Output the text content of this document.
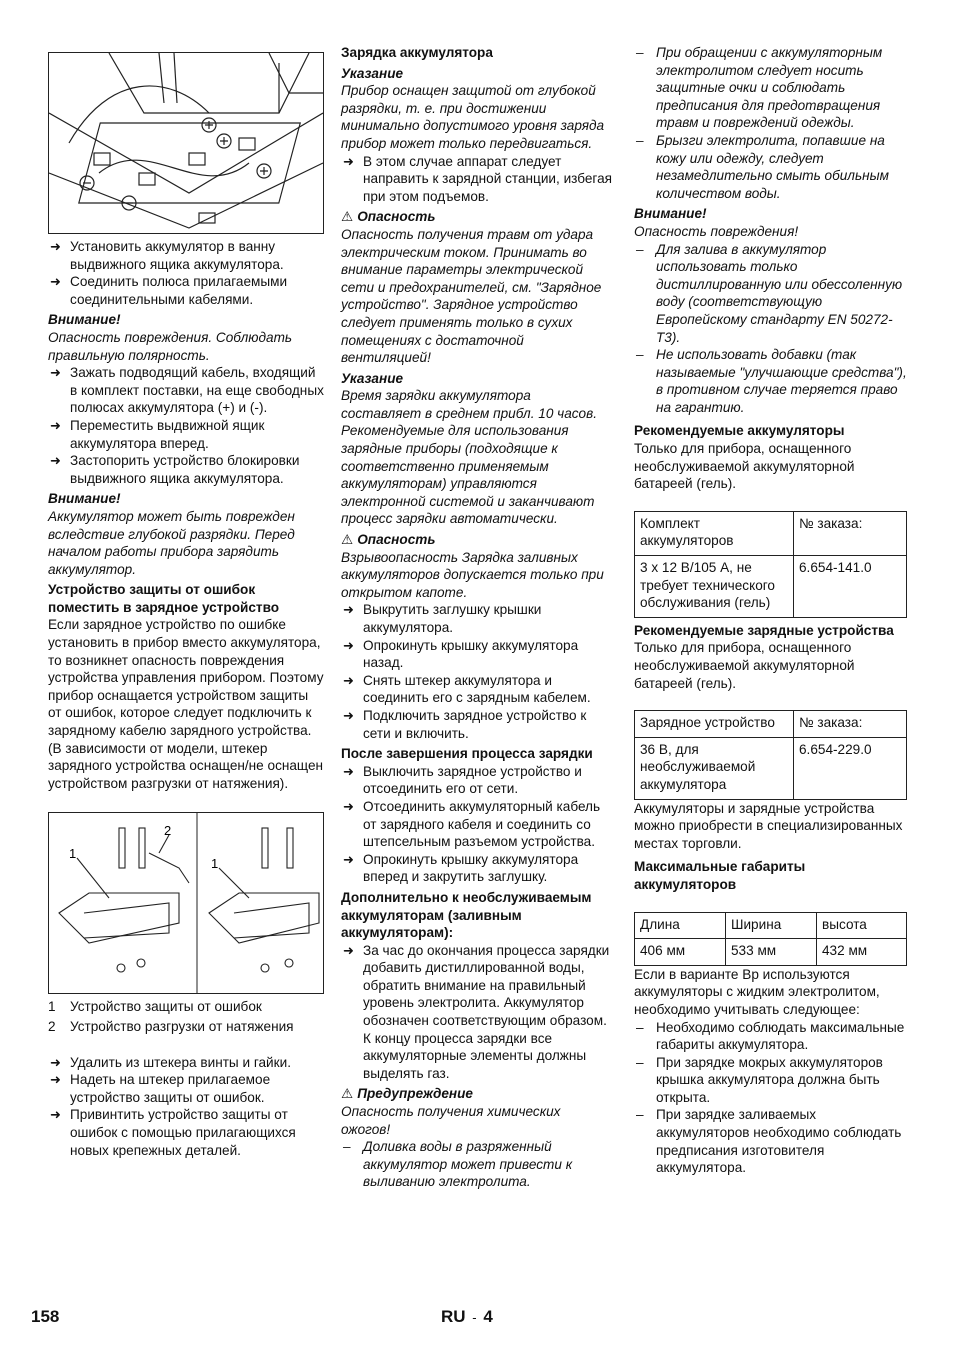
➜ Установить аккумулятор в ванну выдвижного ящика аккумулятора.

➜ Соединить полюса прилагаемыми соединительными кабелями.

Внимание!

Опасность повреждения. Соблюдать правильную полярность.

➜ Зажать подводящий кабель, входящий в комплект поставки, на еще свободных полюсах аккумулятора (+) и (-).

➜ Переместить выдвижной ящик аккумулятора вперед.

➜ Застопорить устройство блокировки выдвижного ящика аккумулятора.

Внимание!

Аккумулятор может быть поврежден вследствие глубокой разрядки. Перед началом работы прибора зарядить аккумулятор.

Устройство защиты от ошибок поместить в зарядное устройство

Если зарядное устройство по ошибке установить в прибор вместо аккумулятора, то возникнет опасность повреждения устройства управления прибором. Поэтому прибор оснащается устройством защиты от ошибок, которое следует подключить к зарядному кабелю зарядного устройства. (В зависимости от модели, штекер зарядного устройства оснащен/не оснащен устройством разгрузки от натяжения).

1
2
1
1	Устройство защиты от ошибок
2	Устройство разгрузки от натяжения

➜ Удалить из штекера винты и гайки.

➜ Надеть на штекер прилагаемое устройство защиты от ошибок.

➜ Привинтить устройство защиты от ошибок с помощью прилагающихся новых крепежных деталей.

Зарядка аккумулятора

Указание

Прибор оснащен защитой от глубокой разрядки, т. е. при достижении минимально допустимого уровня заряда прибор может только передвигаться.

➜ В этом случае аппарат следует направить к зарядной станции, избегая при этом подъемов.

⚠ Опасность

Опасность получения травм от удара электрическим током. Принимать во внимание параметры электрической сети и предохранителей, см. "Зарядное устройство". Зарядное устройство следует применять только в сухих помещениях с достаточной вентиляцией!

Указание

Время зарядки аккумулятора составляет в среднем прибл. 10 часов. Рекомендуемые для использования зарядные приборы (подходящие к соответственно применяемым аккумуляторам) управляются электронной системой и заканчивают процесс зарядки автоматически.

⚠ Опасность

Взрывоопасность Зарядка заливных аккумуляторов допускается только при открытом капоте.

➜ Выкрутить заглушку крышки аккумулятора.

➜ Опрокинуть крышку аккумулятора назад.

➜ Снять штекер аккумулятора и соединить его с зарядным кабелем.

➜ Подключить зарядное устройство к сети и включить.

После завершения процесса зарядки

➜ Выключить зарядное устройство и отсоединить его от сети.

➜ Отсоединить аккумуляторный кабель от зарядного кабеля и соединить со штепсельным разъемом устройства.

➜ Опрокинуть крышку аккумулятора вперед и закрутить заглушку.

Дополнительно к необслуживаемым аккумуляторам (заливным аккумуляторам):

➜ За час до окончания процесса зарядки добавить дистиллированной воды, обратить внимание на правильный уровень электролита. Аккумулятор обозначен соответствующим образом. К концу процесса зарядки все аккумуляторные элементы должны выделять газ.

⚠ Предупреждение

Опасность получения химических ожогов!

– Доливка воды в разряженный аккумулятор может привести к выливанию электролита.

– При обращении с аккумуляторным электролитом следует носить защитные очки и соблюдать предписания для предотвращения травм и повреждений одежды.

– Брызги электролита, попавшие на кожу или одежду, следует незамедлительно смыть обильным количеством воды.

Внимание!

Опасность повреждения!

– Для залива в аккумулятор использовать только дистиллированную или обессоленную воду (соответствующую Европейскому стандарту EN 50272-T3).

– Не использовать добавки (так называемые "улучшающие средства"), в противном случае теряется право на гарантию.

Рекомендуемые аккумуляторы

Только для прибора, оснащенного необслуживаемой аккумуляторной батареей (гель).

Комплект аккумуляторов	№ заказа:
3 x 12 В/105 А, не требует технического обслуживания (гель)	6.654-141.0

Рекомендуемые зарядные устройства

Только для прибора, оснащенного необслуживаемой аккумуляторной батареей (гель).

Зарядное устройство	№ заказа:
36 В, для необслуживаемой аккумулятора	6.654-229.0

Аккумуляторы и зарядные устройства можно приобрести в специализированных местах торговли.

Максимальные габариты аккумуляторов

Длина	Ширина	высота
406 мм	533 мм	432 мм

Если в варианте Bp используются аккумуляторы с жидким электролитом, необходимо учитывать следующее:

– Необходимо соблюдать максимальные габариты аккумулятора.

– При зарядке мокрых аккумуляторов крышка аккумулятора должна быть открыта.

– При зарядке заливаемых аккумуляторов необходимо соблюдать предписания изготовителя аккумулятора.

158	RU - 4
